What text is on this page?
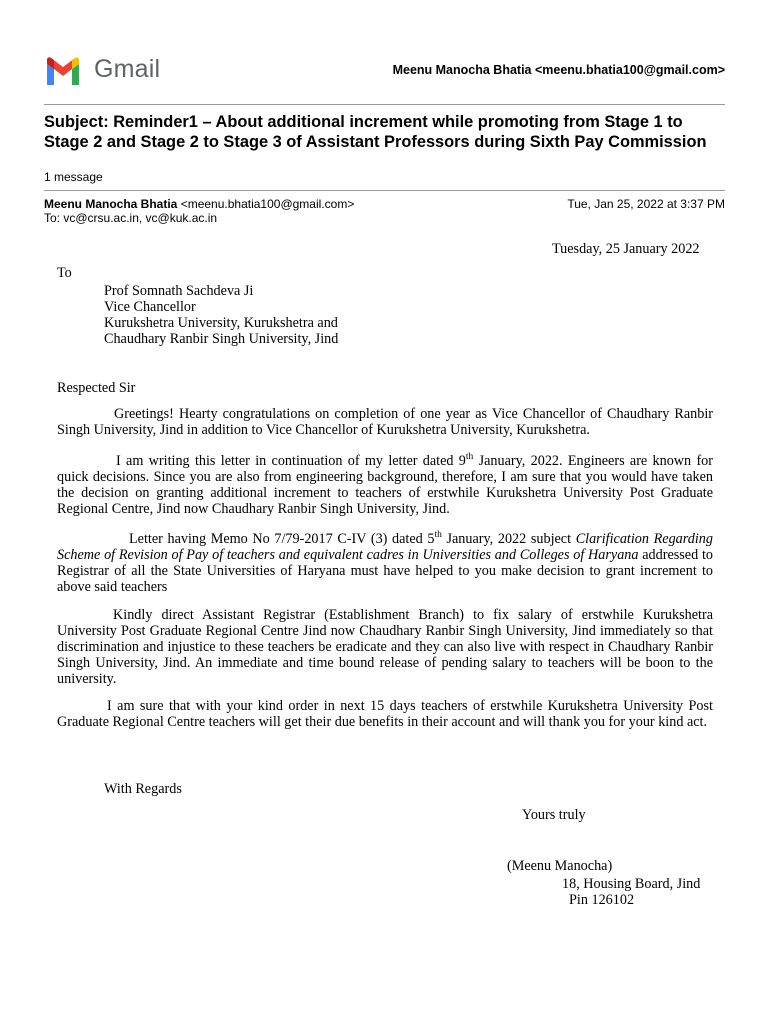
Gmail	Meenu Manocha Bhatia <meenu.bhatia100@gmail.com>
Subject: Reminder1 – About additional increment while promoting from Stage 1 to Stage 2 and Stage 2 to Stage 3 of Assistant Professors during Sixth Pay Commission
1 message
Meenu Manocha Bhatia <meenu.bhatia100@gmail.com>	Tue, Jan 25, 2022 at 3:37 PM
To: vc@crsu.ac.in, vc@kuk.ac.in
Tuesday, 25 January 2022
To
Prof Somnath Sachdeva Ji
Vice Chancellor
Kurukshetra University, Kurukshetra and
Chaudhary Ranbir Singh University, Jind
Respected Sir
Greetings! Hearty congratulations on completion of one year as Vice Chancellor of Chaudhary Ranbir Singh University, Jind in addition to Vice Chancellor of Kurukshetra University, Kurukshetra.
I am writing this letter in continuation of my letter dated 9th January, 2022. Engineers are known for quick decisions. Since you are also from engineering background, therefore, I am sure that you would have taken the decision on granting additional increment to teachers of erstwhile Kurukshetra University Post Graduate Regional Centre, Jind now Chaudhary Ranbir Singh University, Jind.
Letter having Memo No 7/79-2017 C-IV (3) dated 5th January, 2022 subject Clarification Regarding Scheme of Revision of Pay of teachers and equivalent cadres in Universities and Colleges of Haryana addressed to Registrar of all the State Universities of Haryana must have helped to you make decision to grant increment to above said teachers
Kindly direct Assistant Registrar (Establishment Branch) to fix salary of erstwhile Kurukshetra University Post Graduate Regional Centre Jind now Chaudhary Ranbir Singh University, Jind immediately so that discrimination and injustice to these teachers be eradicate and they can also live with respect in Chaudhary Ranbir Singh University, Jind. An immediate and time bound release of pending salary to teachers will be boon to the university.
I am sure that with your kind order in next 15 days teachers of erstwhile Kurukshetra University Post Graduate Regional Centre teachers will get their due benefits in their account and will thank you for your kind act.
With Regards
Yours truly
(Meenu Manocha)
18, Housing Board, Jind
Pin 126102
